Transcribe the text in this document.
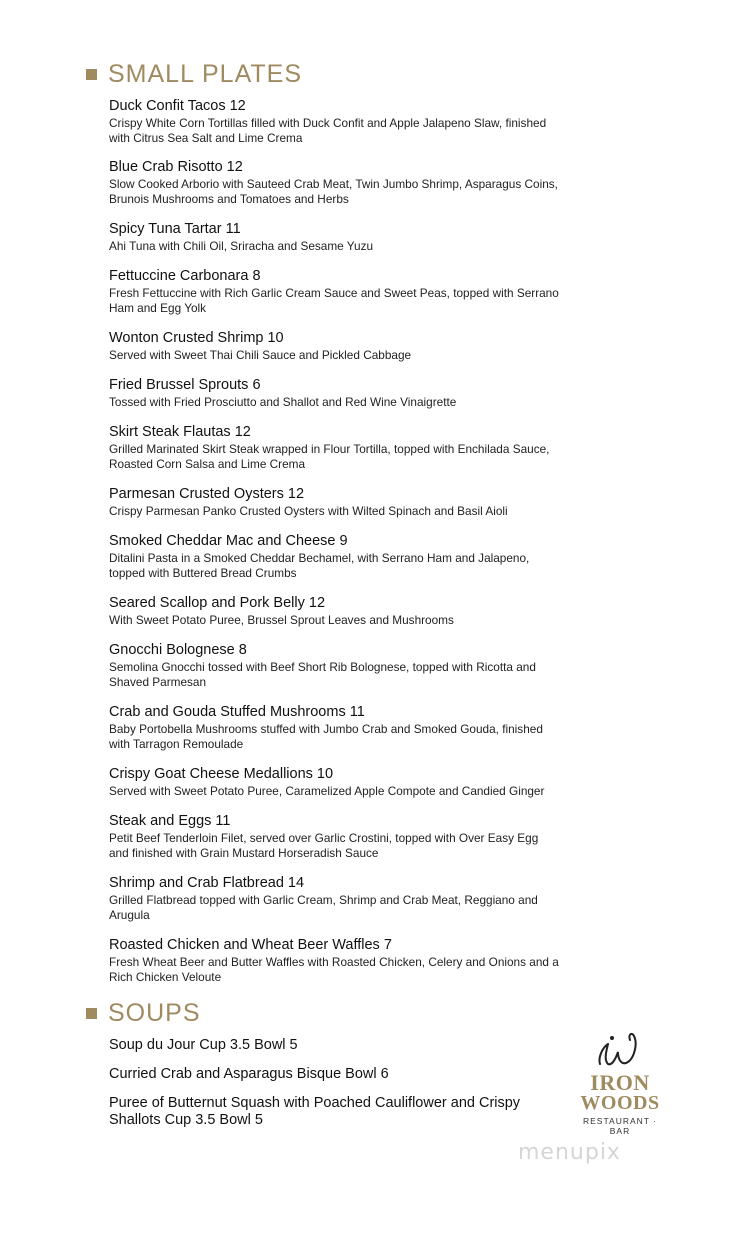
SMALL PLATES
Duck Confit Tacos 12
Crispy White Corn Tortillas filled with Duck Confit and Apple Jalapeno Slaw, finished with Citrus Sea Salt and Lime Crema
Blue Crab Risotto 12
Slow Cooked Arborio with Sauteed Crab Meat, Twin Jumbo Shrimp, Asparagus Coins, Brunois Mushrooms and Tomatoes and Herbs
Spicy Tuna Tartar 11
Ahi Tuna with Chili Oil, Sriracha and Sesame Yuzu
Fettuccine Carbonara 8
Fresh Fettuccine with Rich Garlic Cream Sauce and Sweet Peas, topped with Serrano Ham and Egg Yolk
Wonton Crusted Shrimp 10
Served with Sweet Thai Chili Sauce and Pickled Cabbage
Fried Brussel Sprouts 6
Tossed with Fried Prosciutto and Shallot and Red Wine Vinaigrette
Skirt Steak Flautas 12
Grilled Marinated Skirt Steak wrapped in Flour Tortilla, topped with Enchilada Sauce, Roasted Corn Salsa and Lime Crema
Parmesan Crusted Oysters 12
Crispy Parmesan Panko Crusted Oysters with Wilted Spinach and Basil Aioli
Smoked Cheddar Mac and Cheese 9
Ditalini Pasta in a Smoked Cheddar Bechamel, with Serrano Ham and Jalapeno, topped with Buttered Bread Crumbs
Seared Scallop and Pork Belly 12
With Sweet Potato Puree, Brussel Sprout Leaves and Mushrooms
Gnocchi Bolognese 8
Semolina Gnocchi tossed with Beef Short Rib Bolognese, topped with Ricotta and Shaved Parmesan
Crab and Gouda Stuffed Mushrooms 11
Baby Portobella Mushrooms stuffed with Jumbo Crab and Smoked Gouda, finished with Tarragon Remoulade
Crispy Goat Cheese Medallions 10
Served with Sweet Potato Puree, Caramelized Apple Compote and Candied Ginger
Steak and Eggs 11
Petit Beef Tenderloin Filet, served over Garlic Crostini, topped with Over Easy Egg and finished with Grain Mustard Horseradish Sauce
Shrimp and Crab Flatbread 14
Grilled Flatbread topped with Garlic Cream, Shrimp and Crab Meat, Reggiano and Arugula
Roasted Chicken and Wheat Beer Waffles 7
Fresh Wheat Beer and Butter Waffles with Roasted Chicken, Celery and Onions and a Rich Chicken Veloute
SOUPS
Soup du Jour Cup 3.5 Bowl 5
Curried Crab and Asparagus Bisque Bowl 6
Puree of Butternut Squash with Poached Cauliflower and Crispy Shallots Cup 3.5 Bowl 5
IRON
WOODS
RESTAURANT · BAR
menupix
